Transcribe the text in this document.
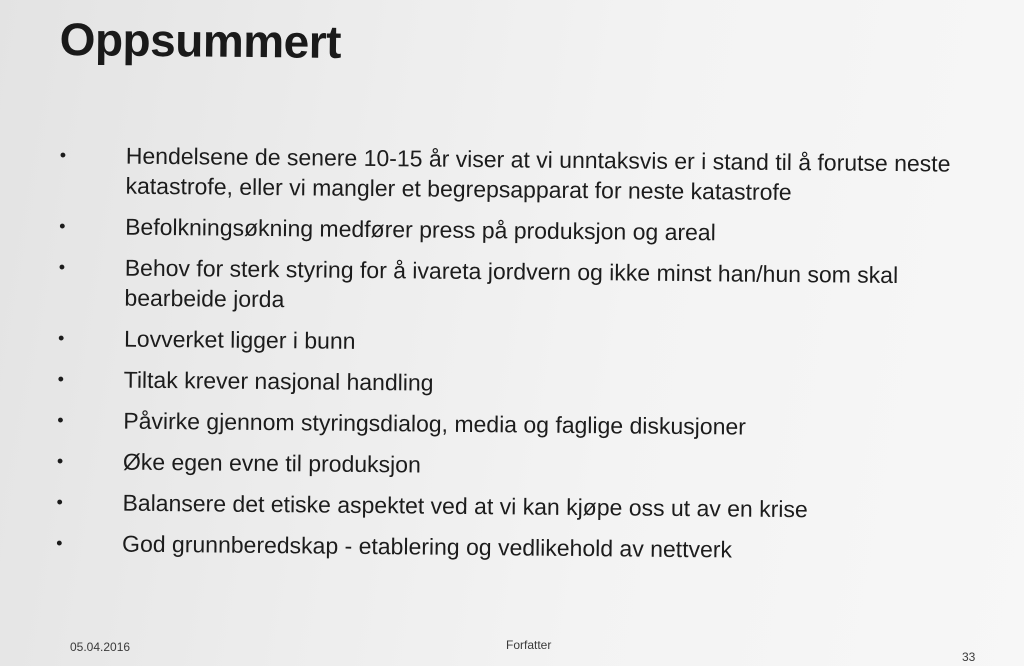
Oppsummert
•	Hendelsene de senere 10-15 år viser at vi unntaksvis er i stand til å forutse neste katastrofe, eller vi mangler et begrepsapparat for neste katastrofe
•	Befolkningsøkning medfører press på produksjon og areal
•	Behov for sterk styring for å ivareta jordvern og ikke minst han/hun som skal bearbeide jorda
•	Lovverket ligger i bunn
•	Tiltak krever nasjonal handling
•	Påvirke gjennom styringsdialog, media og faglige diskusjoner
•	Øke egen evne til produksjon
•	Balansere det etiske aspektet ved at vi kan kjøpe oss ut av en krise
•	God grunnberedskap - etablering og vedlikehold av nettverk
05.04.2016	Forfatter
33
